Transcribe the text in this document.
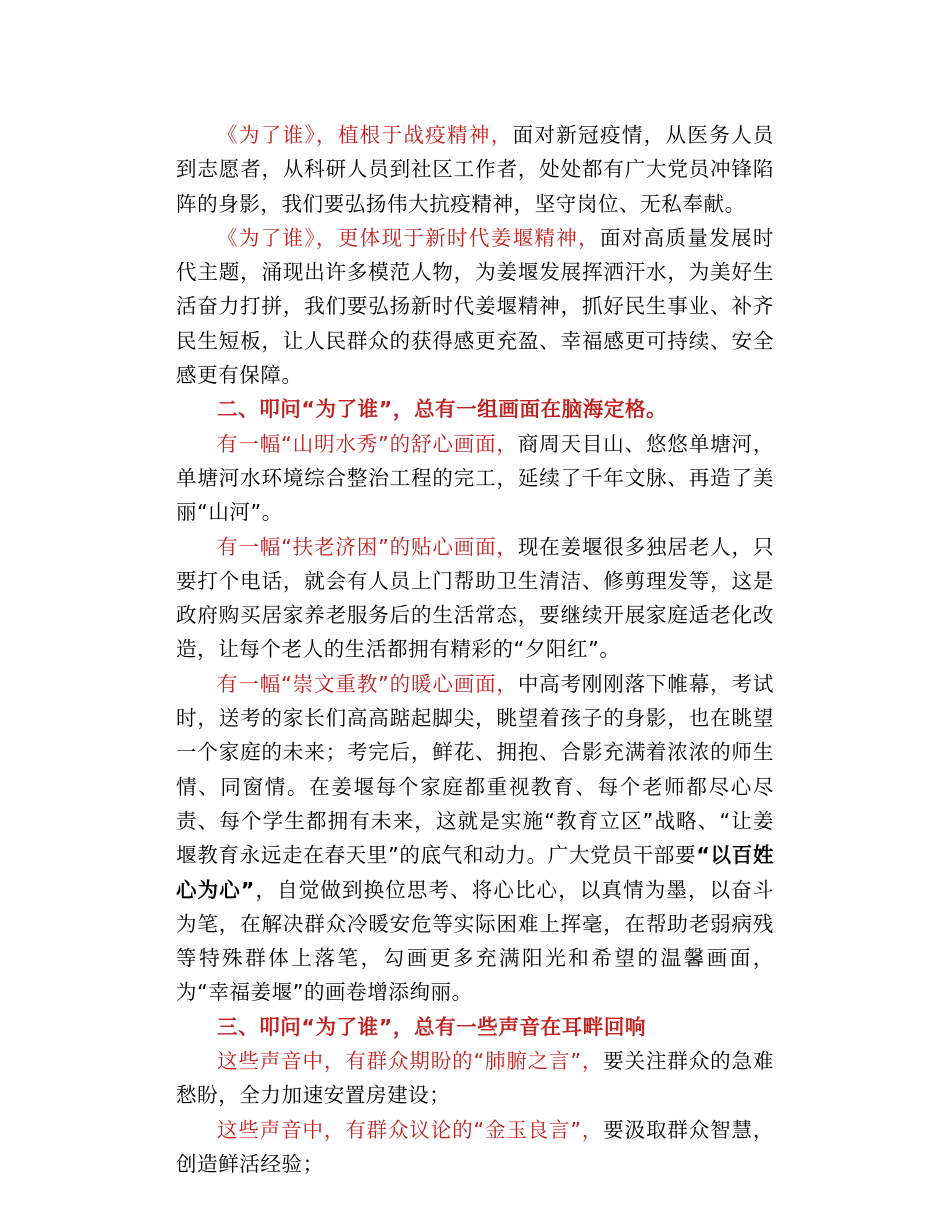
《为了谁》，植根于战疫精神，面对新冠疫情，从医务人员到志愿者，从科研人员到社区工作者，处处都有广大党员冲锋陷阵的身影，我们要弘扬伟大抗疫精神，坚守岗位、无私奉献。

《为了谁》，更体现于新时代姜堰精神，面对高质量发展时代主题，涌现出许多模范人物，为姜堰发展挥洒汗水，为美好生活奋力打拼，我们要弘扬新时代姜堰精神，抓好民生事业、补齐民生短板，让人民群众的获得感更充盈、幸福感更可持续、安全感更有保障。

二、叩问“为了谁”，总有一组画面在脑海定格。

有一幅“山明水秀”的舒心画面，商周天目山、悠悠单塘河，单塘河水环境综合整治工程的完工，延续了千年文脉、再造了美丽“山河”。

有一幅“扶老济困”的贴心画面，现在姜堰很多独居老人，只要打个电话，就会有人员上门帮助卫生清洁、修剪理发等，这是政府购买居家养老服务后的生活常态，要继续开展家庭适老化改造，让每个老人的生活都拥有精彩的“夕阳红”。

有一幅“崇文重教”的暖心画面，中高考刚刚落下帷幕，考试时，送考的家长们高高踮起脚尖，眺望着孩子的身影，也在眺望一个家庭的未来；考完后，鲜花、拥抱、合影充满着浓浓的师生情、同窗情。在姜堰每个家庭都重视教育、每个老师都尽心尽责、每个学生都拥有未来，这就是实施“教育立区”战略、“让姜堰教育永远走在春天里”的底气和动力。广大党员干部要“以百姓心为心”，自觉做到换位思考、将心比心，以真情为墨，以奋斗为笔，在解决群众冷暖安危等实际困难上挥毫，在帮助老弱病残等特殊群体上落笔，勾画更多充满阳光和希望的温馨画面，为“幸福姜堰”的画卷增添绚丽。

三、叩问“为了谁”，总有一些声音在耳畔回响

这些声音中，有群众期盼的“肺腑之言”，要关注群众的急难愁盼，全力加速安置房建设；

这些声音中，有群众议论的“金玉良言”，要汲取群众智慧，创造鲜活经验；
